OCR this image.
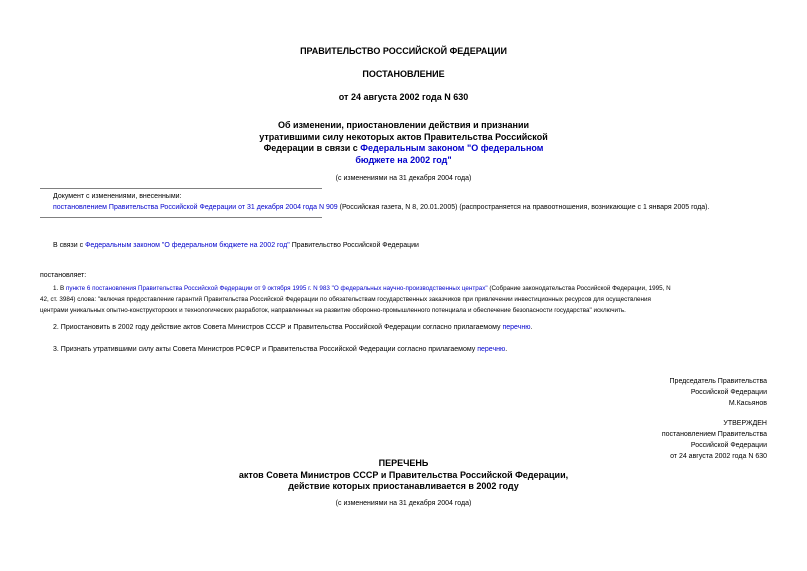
ПРАВИТЕЛЬСТВО РОССИЙСКОЙ ФЕДЕРАЦИИ
ПОСТАНОВЛЕНИЕ
от 24 августа 2002 года N 630
Об изменении, приостановлении действия и признании
утратившими силу некоторых актов Правительства Российской
Федерации в связи с Федеральным законом "О федеральном
бюджете на 2002 год"
(с изменениями на 31 декабря 2004 года)
Документ с изменениями, внесенными:
постановлением Правительства Российской Федерации от 31 декабря 2004 года N 909 (Российская газета, N 8, 20.01.2005) (распространяется на правоотношения, возникающие с 1 января 2005 года).
В связи с Федеральным законом "О федеральном бюджете на 2002 год" Правительство Российской Федерации
постановляет:
1. В пункте 6 постановления Правительства Российской Федерации от 9 октября 1995 г. N 983 "О федеральных научно-производственных центрах" (Собрание законодательства Российской Федерации, 1995, N
42, ст. 3984) слова: "включая предоставление гарантий Правительства Российской Федерации по обязательствам государственных заказчиков при привлечении инвестиционных ресурсов для осуществления
центрами уникальных опытно-конструкторских и технологических разработок, направленных на развитие оборонно-промышленного потенциала и обеспечение безопасности государства" исключить.
2. Приостановить в 2002 году действие актов Совета Министров СССР и Правительства Российской Федерации согласно прилагаемому перечню.
3. Признать утратившими силу акты Совета Министров РСФСР и Правительства Российской Федерации согласно прилагаемому перечню.
Председатель Правительства
Российской Федерации
М.Касьянов
УТВЕРЖДЕН
постановлением Правительства
Российской Федерации
от 24 августа 2002 года N 630
ПЕРЕЧЕНЬ
актов Совета Министров СССР и Правительства Российской Федерации,
действие которых приостанавливается в 2002 году
(с изменениями на 31 декабря 2004 года)
